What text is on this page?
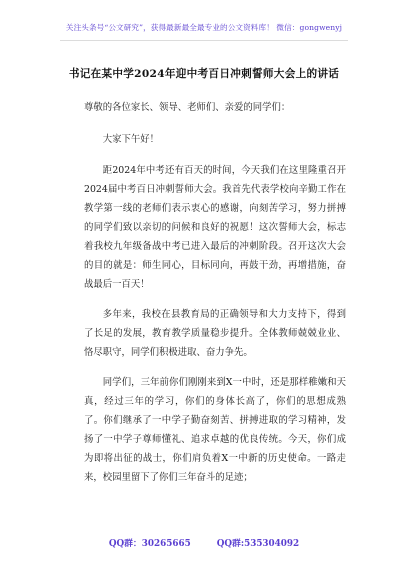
关注头条号“公文研究”，获得最新最全最专业的公文资料库！ 微信：gongwenyj
书记在某中学2024年迎中考百日冲刺誓师大会上的讲话

尊敬的各位家长、领导、老师们、亲爱的同学们：

大家下午好！

距2024年中考还有百天的时间，今天我们在这里隆重召开2024届中考百日冲刺誓师大会。我首先代表学校向辛勤工作在教学第一线的老师们表示衷心的感谢，向刻苦学习，努力拼搏的同学们致以亲切的问候和良好的祝愿！这次誓师大会，标志着我校九年级备战中考已进入最后的冲刺阶段。召开这次大会的目的就是：师生同心，目标同向，再鼓干劲，再增措施，奋战最后一百天！

多年来，我校在县教育局的正确领导和大力支持下，得到了长足的发展，教育教学质量稳步提升。全体教师兢兢业业、恪尽职守，同学们积极进取、奋力争先。

同学们，三年前你们刚刚来到X一中时，还是那样稚嫩和天真，经过三年的学习，你们的身体长高了，你们的思想成熟了。你们继承了一中学子勤奋刻苦、拼搏进取的学习精神，发扬了一中学子尊师懂礼、追求卓越的优良传统。今天，你们成为即将出征的战士，你们肩负着X一中新的历史使命。一路走来，校园里留下了你们三年奋斗的足迹；

QQ群：30265665	QQ群:535304092
